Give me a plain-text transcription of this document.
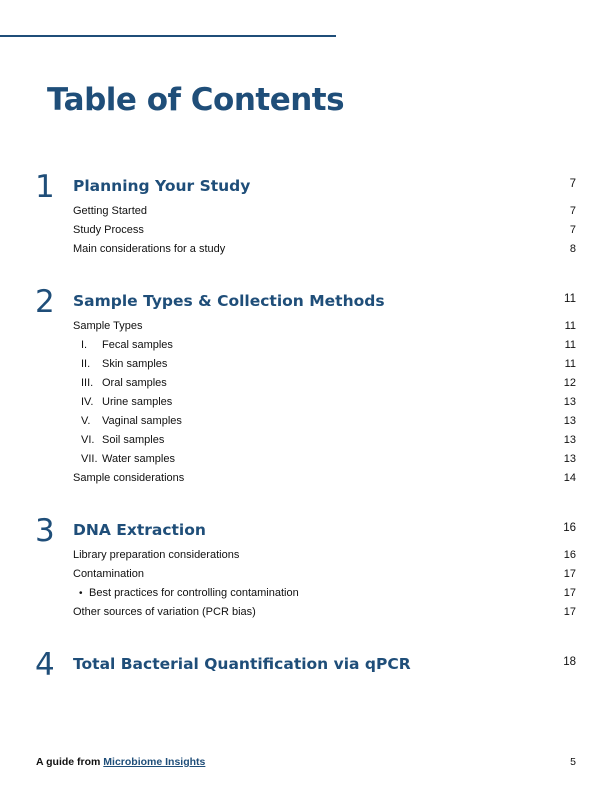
Table of Contents
1 Planning Your Study	7
Getting Started	7
Study Process	7
Main considerations for a study	8
2 Sample Types & Collection Methods	11
Sample Types	11
I. Fecal samples	11
II. Skin samples	11
III. Oral samples	12
IV. Urine samples	13
V. Vaginal samples	13
VI. Soil samples	13
VII. Water samples	13
Sample considerations	14
3 DNA Extraction	16
Library preparation considerations	16
Contamination	17
• Best practices for controlling contamination	17
Other sources of variation (PCR bias)	17
4 Total Bacterial Quantification via qPCR	18
A guide from Microbiome Insights	5
